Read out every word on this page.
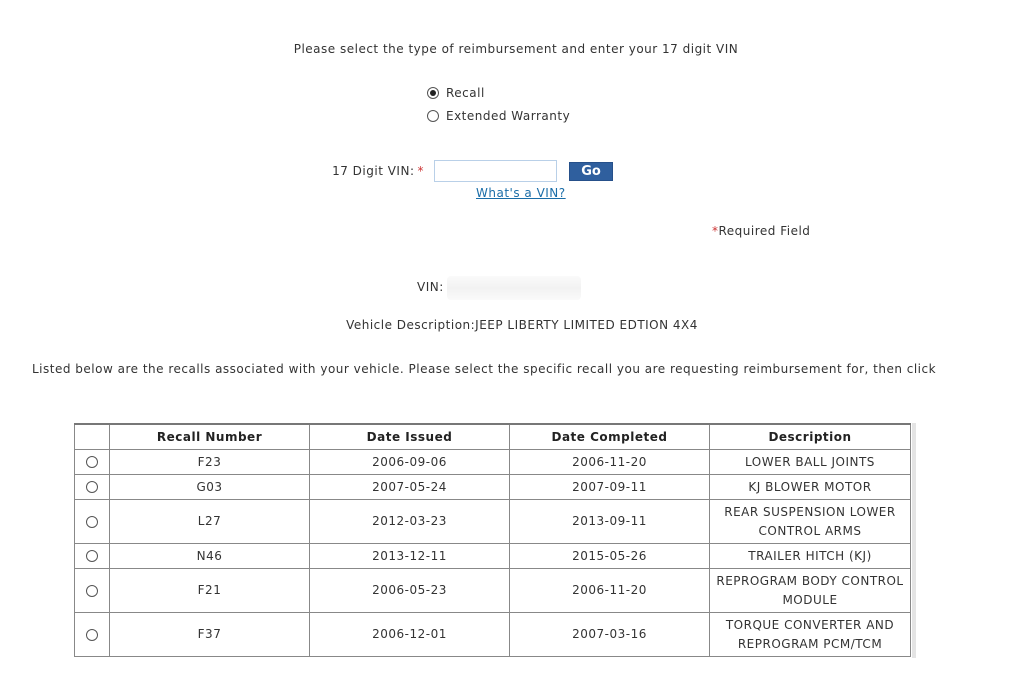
Please select the type of reimbursement and enter your 17 digit VIN
Recall
Extended Warranty
17 Digit VIN: *	Go
What's a VIN?
*Required Field
VIN:
Vehicle Description:JEEP LIBERTY LIMITED EDTION 4X4
Listed below are the recalls associated with your vehicle. Please select the specific recall you are requesting reimbursement for, then click
	Recall Number	Date Issued	Date Completed	Description
	F23	2006-09-06	2006-11-20	LOWER BALL JOINTS
	G03	2007-05-24	2007-09-11	KJ BLOWER MOTOR
	L27	2012-03-23	2013-09-11	REAR SUSPENSION LOWER CONTROL ARMS
	N46	2013-12-11	2015-05-26	TRAILER HITCH (KJ)
	F21	2006-05-23	2006-11-20	REPROGRAM BODY CONTROL MODULE
	F37	2006-12-01	2007-03-16	TORQUE CONVERTER AND REPROGRAM PCM/TCM
